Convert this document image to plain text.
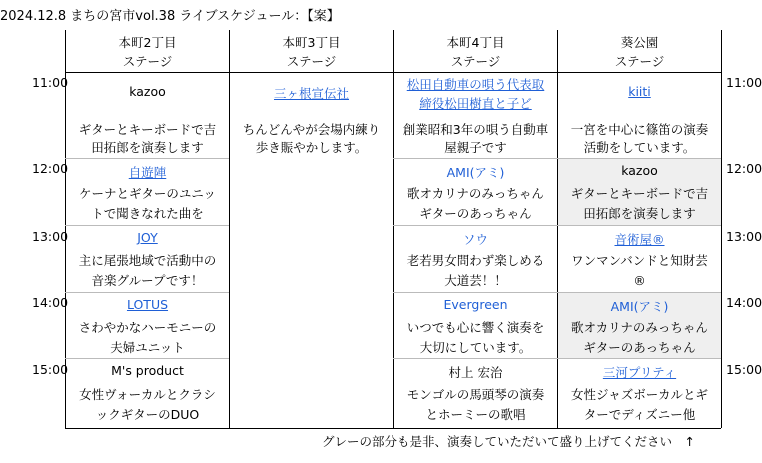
2024.12.8 まちの宮市vol.38 ライブスケジュール：【案】
本町2丁目
ステージ
本町3丁目
ステージ
本町4丁目
ステージ
葵公園
ステージ
11:00
12:00
13:00
14:00
15:00
11:00
12:00
13:00
14:00
15:00
kazoo
ギターとキーボードで吉
田拓郎を演奏します
自遊陣
ケーナとギターのユニッ
トで聞きなれた曲を
JOY
主に尾張地域で活動中の
音楽グループです！
LOTUS
さわやかなハーモニーの
夫婦ユニット
M's product
女性ヴォーカルとクラシ
ックギターのDUO
三ヶ根宣伝社
ちんどんやが会場内練り
歩き賑やかします。
松田自動車の唄う代表取
締役松田樹直と子ど
創業昭和3年の唄う自動車
屋親子です
AMI(アミ)
歌オカリナのみっちゃん
ギターのあっちゃん
ソウ
老若男女問わず楽しめる
大道芸！！
Evergreen
いつでも心に響く演奏を
大切にしています。
村上 宏治
モンゴルの馬頭琴の演奏
とホーミーの歌唱
kiiti
一宮を中心に篠笛の演奏
活動をしています。
kazoo
ギターとキーボードで吉
田拓郎を演奏します
音術屋®
ワンマンバンドと知財芸
®
AMI(アミ)
歌オカリナのみっちゃん
ギターのあっちゃん
三河プリティ
女性ジャズボーカルとギ
ターでディズニー他
グレーの部分も是非、演奏していただいて盛り上げてください　↑
